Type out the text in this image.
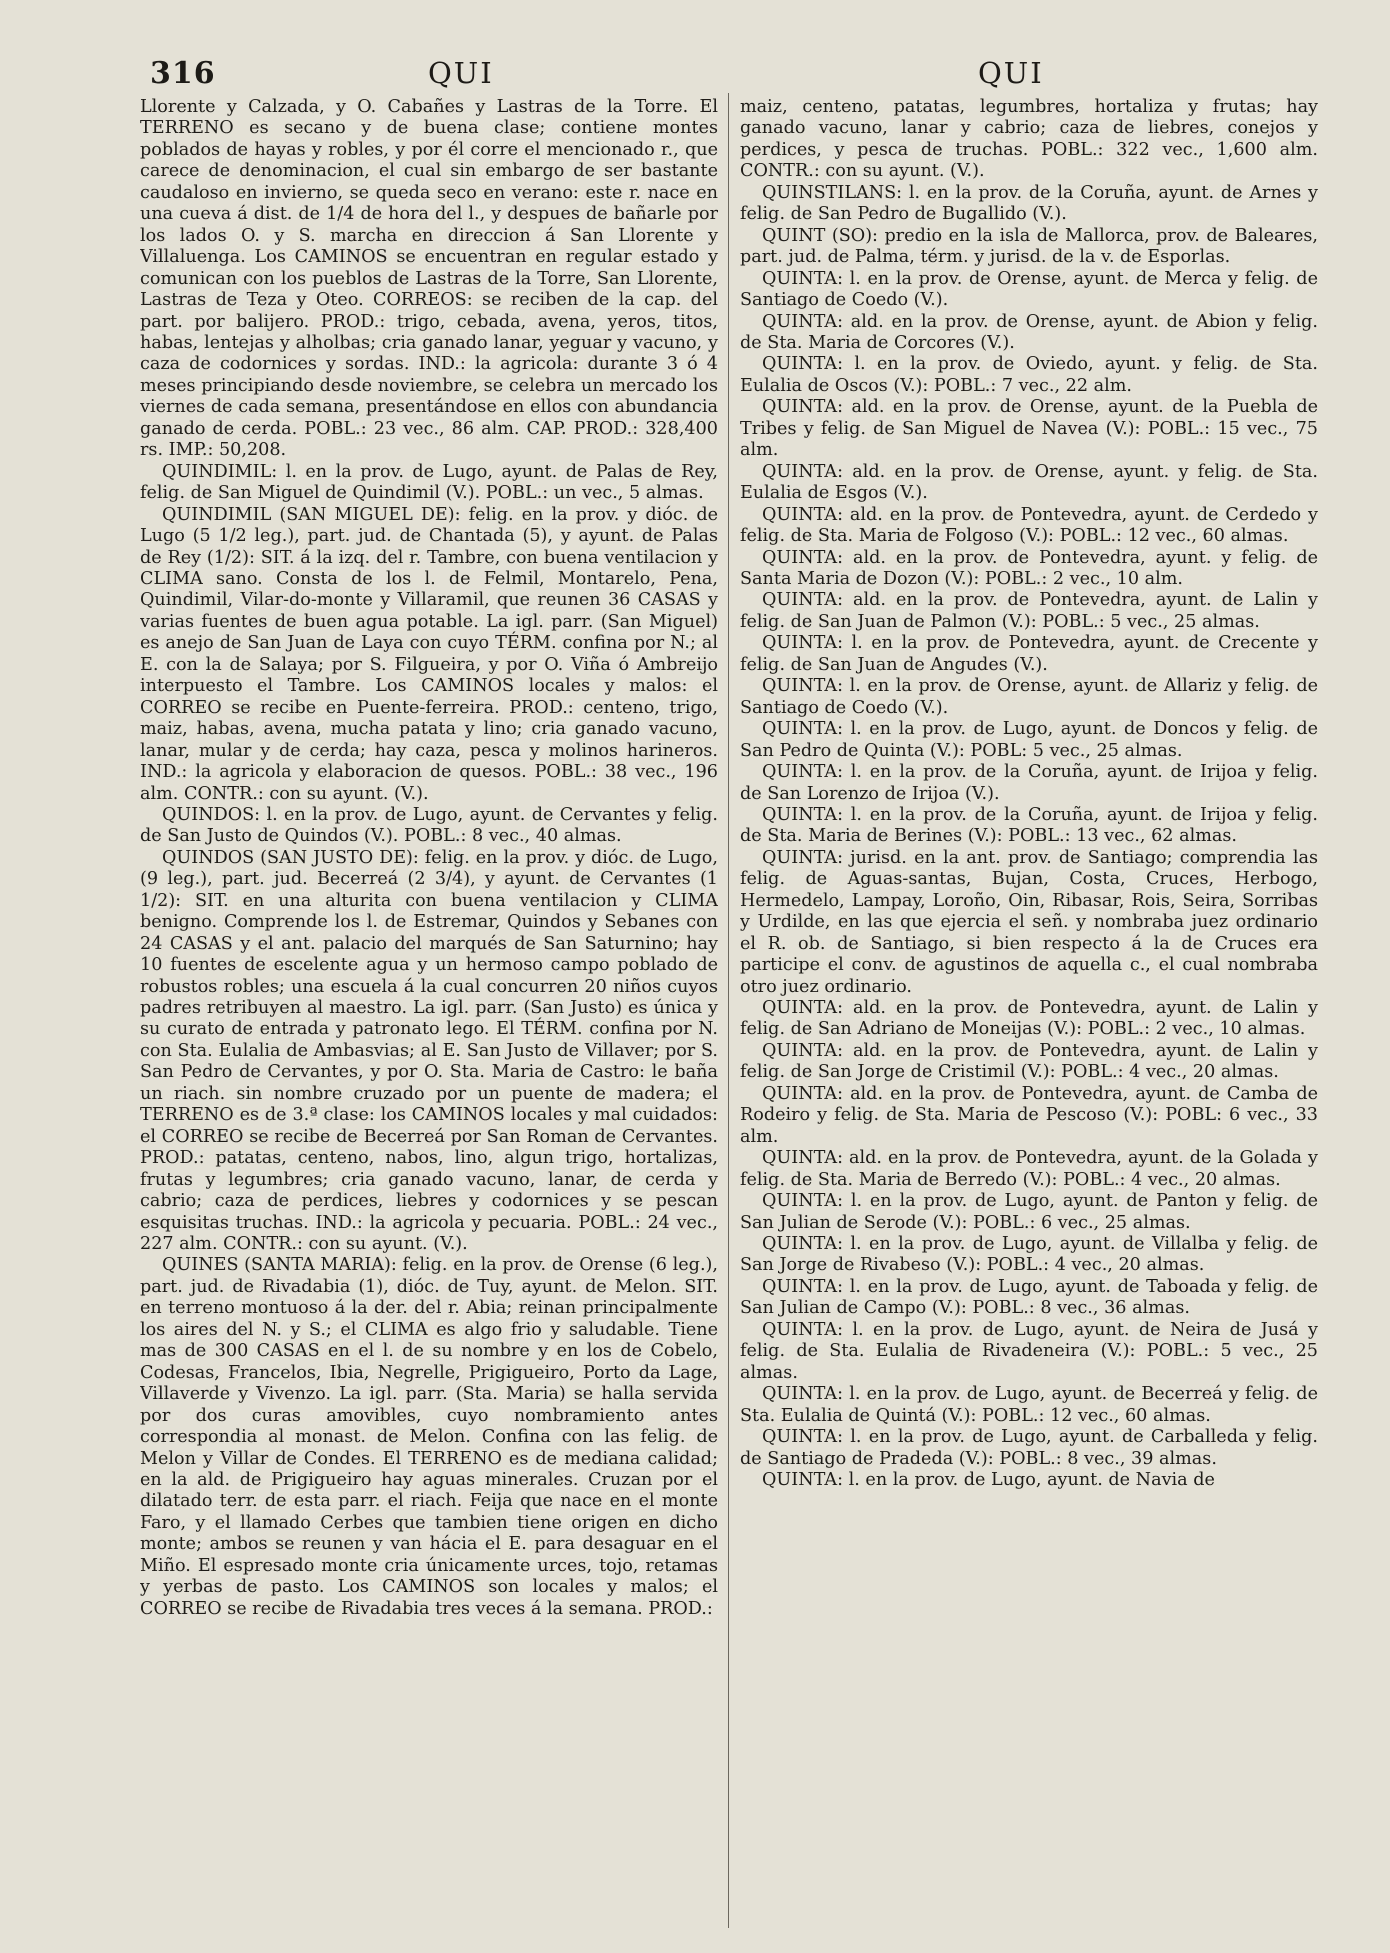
316	QUI	QUI

Llorente y Calzada, y O. Cabañes y Lastras de la Torre. El TERRENO es secano y de buena clase; contiene montes poblados de hayas y robles, y por él corre el mencionado r., que carece de denominacion, el cual sin embargo de ser bastante caudaloso en invierno, se queda seco en verano: este r. nace en una cueva á dist. de 1/4 de hora del l., y despues de bañarle por los lados O. y S. marcha en direccion á San Llorente y Villaluenga. Los CAMINOS se encuentran en regular estado y comunican con los pueblos de Lastras de la Torre, San Llorente, Lastras de Teza y Oteo. CORREOS: se reciben de la cap. del part. por balijero. PROD.: trigo, cebada, avena, yeros, titos, habas, lentejas y alholbas; cria ganado lanar, yeguar y vacuno, y caza de codornices y sordas. IND.: la agricola: durante 3 ó 4 meses principiando desde noviembre, se celebra un mercado los viernes de cada semana, presentándose en ellos con abundancia ganado de cerda. POBL.: 23 vec., 86 alm. CAP. PROD.: 328,400 rs. IMP.: 50,208.

QUINDIMIL: l. en la prov. de Lugo, ayunt. de Palas de Rey, felig. de San Miguel de Quindimil (V.). POBL.: un vec., 5 almas.

QUINDIMIL (SAN MIGUEL DE): felig. en la prov. y dióc. de Lugo (5 1/2 leg.), part. jud. de Chantada (5), y ayunt. de Palas de Rey (1/2): SIT. á la izq. del r. Tambre, con buena ventilacion y CLIMA sano. Consta de los l. de Felmil, Montarelo, Pena, Quindimil, Vilar-do-monte y Villaramil, que reunen 36 CASAS y varias fuentes de buen agua potable. La igl. parr. (San Miguel) es anejo de San Juan de Laya con cuyo TÉRM. confina por N.; al E. con la de Salaya; por S. Filgueira, y por O. Viña ó Ambreijo interpuesto el Tambre. Los CAMINOS locales y malos: el CORREO se recibe en Puente-ferreira. PROD.: centeno, trigo, maiz, habas, avena, mucha patata y lino; cria ganado vacuno, lanar, mular y de cerda; hay caza, pesca y molinos harineros. IND.: la agricola y elaboracion de quesos. POBL.: 38 vec., 196 alm. CONTR.: con su ayunt. (V.).

QUINDOS: l. en la prov. de Lugo, ayunt. de Cervantes y felig. de San Justo de Quindos (V.). POBL.: 8 vec., 40 almas.

QUINDOS (SAN JUSTO DE): felig. en la prov. y dióc. de Lugo, (9 leg.), part. jud. Becerreá (2 3/4), y ayunt. de Cervantes (1 1/2): SIT. en una alturita con buena ventilacion y CLIMA benigno. Comprende los l. de Estremar, Quindos y Sebanes con 24 CASAS y el ant. palacio del marqués de San Saturnino; hay 10 fuentes de escelente agua y un hermoso campo poblado de robustos robles; una escuela á la cual concurren 20 niños cuyos padres retribuyen al maestro. La igl. parr. (San Justo) es única y su curato de entrada y patronato lego. El TÉRM. confina por N. con Sta. Eulalia de Ambasvias; al E. San Justo de Villaver; por S. San Pedro de Cervantes, y por O. Sta. Maria de Castro: le baña un riach. sin nombre cruzado por un puente de madera; el TERRENO es de 3.ª clase: los CAMINOS locales y mal cuidados: el CORREO se recibe de Becerreá por San Roman de Cervantes. PROD.: patatas, centeno, nabos, lino, algun trigo, hortalizas, frutas y legumbres; cria ganado vacuno, lanar, de cerda y cabrio; caza de perdices, liebres y codornices y se pescan esquisitas truchas. IND.: la agricola y pecuaria. POBL.: 24 vec., 227 alm. CONTR.: con su ayunt. (V.).

QUINES (SANTA MARIA): felig. en la prov. de Orense (6 leg.), part. jud. de Rivadabia (1), dióc. de Tuy, ayunt. de Melon. SIT. en terreno montuoso á la der. del r. Abia; reinan principalmente los aires del N. y S.; el CLIMA es algo frio y saludable. Tiene mas de 300 CASAS en el l. de su nombre y en los de Cobelo, Codesas, Francelos, Ibia, Negrelle, Prigigueiro, Porto da Lage, Villaverde y Vivenzo. La igl. parr. (Sta. Maria) se halla servida por dos curas amovibles, cuyo nombramiento antes correspondia al monast. de Melon. Confina con las felig. de Melon y Villar de Condes. El TERRENO es de mediana calidad; en la ald. de Prigigueiro hay aguas minerales. Cruzan por el dilatado terr. de esta parr. el riach. Feija que nace en el monte Faro, y el llamado Cerbes que tambien tiene origen en dicho monte; ambos se reunen y van hácia el E. para desaguar en el Miño. El espresado monte cria únicamente urces, tojo, retamas y yerbas de pasto. Los CAMINOS son locales y malos; el CORREO se recibe de Rivadabia tres veces á la semana. PROD.:

maiz, centeno, patatas, legumbres, hortaliza y frutas; hay ganado vacuno, lanar y cabrio; caza de liebres, conejos y perdices, y pesca de truchas. POBL.: 322 vec., 1,600 alm. CONTR.: con su ayunt. (V.).

QUINSTILANS: l. en la prov. de la Coruña, ayunt. de Arnes y felig. de San Pedro de Bugallido (V.).

QUINT (SO): predio en la isla de Mallorca, prov. de Baleares, part. jud. de Palma, térm. y jurisd. de la v. de Esporlas.

QUINTA: l. en la prov. de Orense, ayunt. de Merca y felig. de Santiago de Coedo (V.).

QUINTA: ald. en la prov. de Orense, ayunt. de Abion y felig. de Sta. Maria de Corcores (V.).

QUINTA: l. en la prov. de Oviedo, ayunt. y felig. de Sta. Eulalia de Oscos (V.): POBL.: 7 vec., 22 alm.

QUINTA: ald. en la prov. de Orense, ayunt. de la Puebla de Tribes y felig. de San Miguel de Navea (V.): POBL.: 15 vec., 75 alm.

QUINTA: ald. en la prov. de Orense, ayunt. y felig. de Sta. Eulalia de Esgos (V.).

QUINTA: ald. en la prov. de Pontevedra, ayunt. de Cerdedo y felig. de Sta. Maria de Folgoso (V.): POBL.: 12 vec., 60 almas.

QUINTA: ald. en la prov. de Pontevedra, ayunt. y felig. de Santa Maria de Dozon (V.): POBL.: 2 vec., 10 alm.

QUINTA: ald. en la prov. de Pontevedra, ayunt. de Lalin y felig. de San Juan de Palmon (V.): POBL.: 5 vec., 25 almas.

QUINTA: l. en la prov. de Pontevedra, ayunt. de Crecente y felig. de San Juan de Angudes (V.).

QUINTA: l. en la prov. de Orense, ayunt. de Allariz y felig. de Santiago de Coedo (V.).

QUINTA: l. en la prov. de Lugo, ayunt. de Doncos y felig. de San Pedro de Quinta (V.): POBL: 5 vec., 25 almas.

QUINTA: l. en la prov. de la Coruña, ayunt. de Irijoa y felig. de San Lorenzo de Irijoa (V.).

QUINTA: l. en la prov. de la Coruña, ayunt. de Irijoa y felig. de Sta. Maria de Berines (V.): POBL.: 13 vec., 62 almas.

QUINTA: jurisd. en la ant. prov. de Santiago; comprendia las felig. de Aguas-santas, Bujan, Costa, Cruces, Herbogo, Hermedelo, Lampay, Loroño, Oin, Ribasar, Rois, Seira, Sorribas y Urdilde, en las que ejercia el señ. y nombraba juez ordinario el R. ob. de Santiago, si bien respecto á la de Cruces era participe el conv. de agustinos de aquella c., el cual nombraba otro juez ordinario.

QUINTA: ald. en la prov. de Pontevedra, ayunt. de Lalin y felig. de San Adriano de Moneijas (V.): POBL.: 2 vec., 10 almas.

QUINTA: ald. en la prov. de Pontevedra, ayunt. de Lalin y felig. de San Jorge de Cristimil (V.): POBL.: 4 vec., 20 almas.

QUINTA: ald. en la prov. de Pontevedra, ayunt. de Camba de Rodeiro y felig. de Sta. Maria de Pescoso (V.): POBL: 6 vec., 33 alm.

QUINTA: ald. en la prov. de Pontevedra, ayunt. de la Golada y felig. de Sta. Maria de Berredo (V.): POBL.: 4 vec., 20 almas.

QUINTA: l. en la prov. de Lugo, ayunt. de Panton y felig. de San Julian de Serode (V.): POBL.: 6 vec., 25 almas.

QUINTA: l. en la prov. de Lugo, ayunt. de Villalba y felig. de San Jorge de Rivabeso (V.): POBL.: 4 vec., 20 almas.

QUINTA: l. en la prov. de Lugo, ayunt. de Taboada y felig. de San Julian de Campo (V.): POBL.: 8 vec., 36 almas.

QUINTA: l. en la prov. de Lugo, ayunt. de Neira de Jusá y felig. de Sta. Eulalia de Rivadeneira (V.): POBL.: 5 vec., 25 almas.

QUINTA: l. en la prov. de Lugo, ayunt. de Becerreá y felig. de Sta. Eulalia de Quintá (V.): POBL.: 12 vec., 60 almas.

QUINTA: l. en la prov. de Lugo, ayunt. de Carballeda y felig. de Santiago de Pradeda (V.): POBL.: 8 vec., 39 almas.

QUINTA: l. en la prov. de Lugo, ayunt. de Navia de
